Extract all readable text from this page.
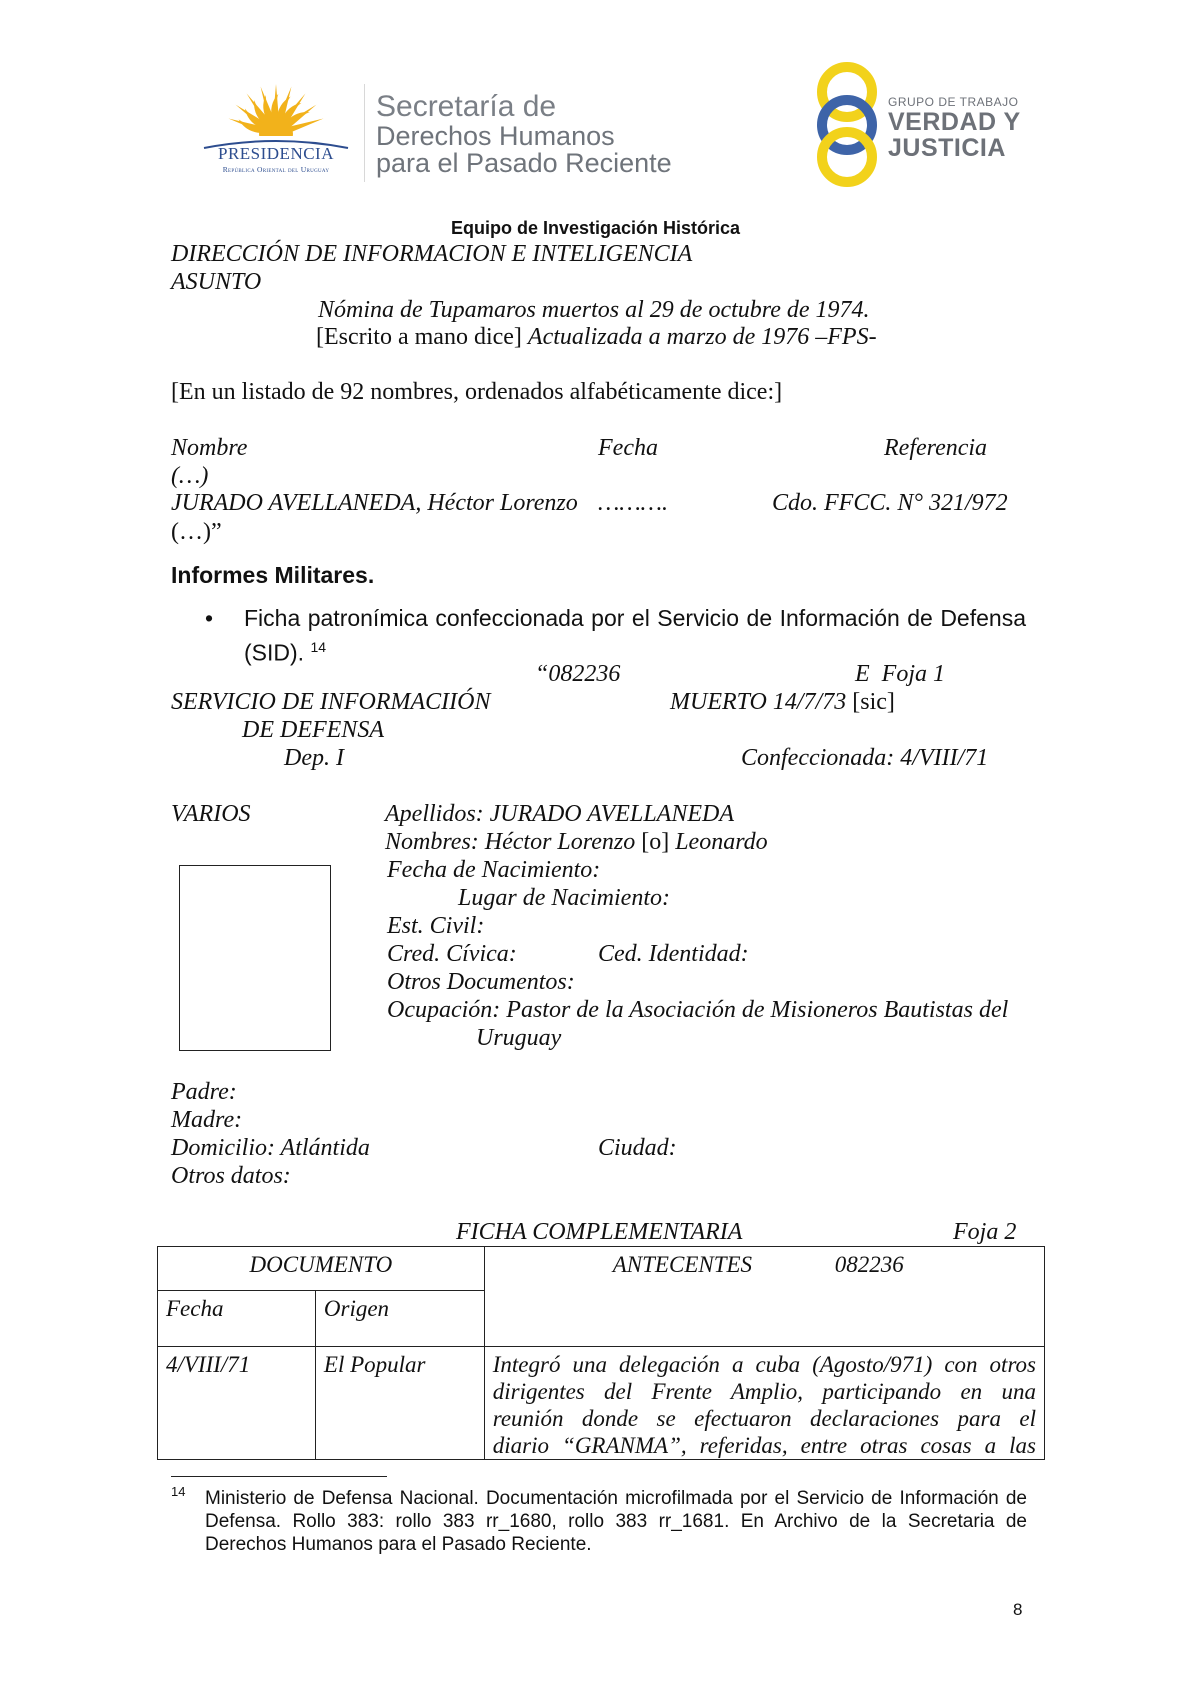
PRESIDENCIA
República Oriental del Uruguay
Secretaría de
Derechos Humanos
para el Pasado Reciente
GRUPO DE TRABAJO
VERDAD Y
JUSTICIA
Equipo de Investigación Histórica
DIRECCIÓN DE INFORMACION E INTELIGENCIA
ASUNTO
Nómina de Tupamaros muertos al 29 de octubre de 1974.
[Escrito a mano dice] Actualizada a marzo de 1976 –FPS-
[En un listado de 92 nombres, ordenados alfabéticamente dice:]
Nombre	Fecha	Referencia
(…)
JURADO AVELLANEDA, Héctor Lorenzo ……….	Cdo. FFCC. N° 321/972
(…)”
Informes Militares.
• Ficha patronímica confeccionada por el Servicio de Información de Defensa (SID). $^{14}$
“082236	E  Foja 1
SERVICIO DE INFORMACIIÓN	MUERTO 14/7/73 [sic]
DE DEFENSA
Dep. I	Confeccionada: 4/VIII/71
VARIOS	Apellidos: JURADO AVELLANEDA
Nombres: Héctor Lorenzo [o] Leonardo
Fecha de Nacimiento:
Lugar de Nacimiento:
Est. Civil:
Cred. Cívica:	Ced. Identidad:
Otros Documentos:
Ocupación: Pastor de la Asociación de Misioneros Bautistas del
Uruguay
Padre:
Madre:
Domicilio: Atlántida	Ciudad:
Otros datos:
FICHA COMPLEMENTARIA	Foja 2
DOCUMENTO		ANTECENTES 082236

Fecha	Origen	

4/VIII/71	El Popular	Integró una delegación a cuba (Agosto/971) con otros
dirigentes del Frente Amplio, participando en una
reunión donde se efectuaron declaraciones para el
diario “GRANMA”, referidas, entre otras cosas a las
14 Ministerio de Defensa Nacional. Documentación microfilmada por el Servicio de Información de Defensa. Rollo 383: rollo 383 rr_1680, rollo 383 rr_1681. En Archivo de la Secretaria de Derechos Humanos para el Pasado Reciente.
8
